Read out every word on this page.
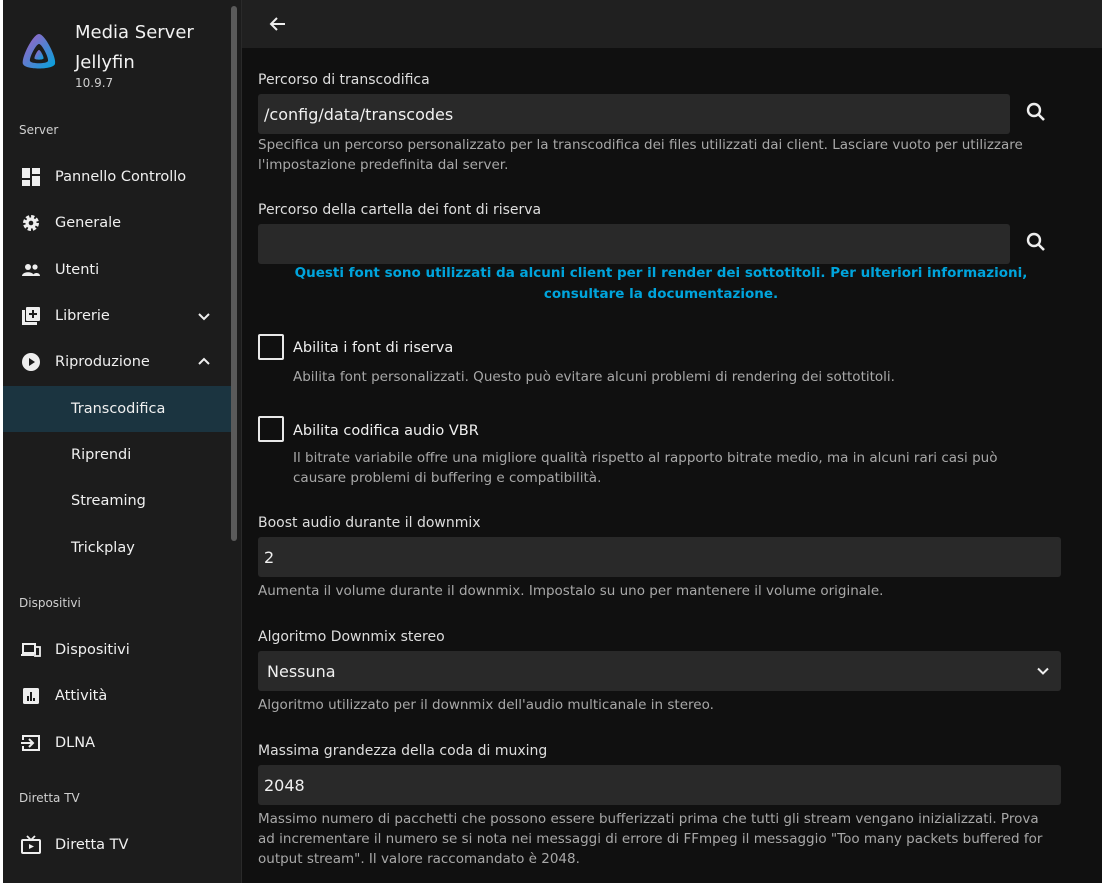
Media Server Jellyfin
10.9.7
Server
Pannello Controllo
Generale
Utenti
Librerie
Riproduzione
Transcodifica
Riprendi
Streaming
Trickplay
Dispositivi
Dispositivi
Attività
DLNA
Diretta TV
Diretta TV
Percorso di transcodifica
/config/data/transcodes
Specifica un percorso personalizzato per la transcodifica dei files utilizzati dai client. Lasciare vuoto per utilizzare l'impostazione predefinita dal server.
Percorso della cartella dei font di riserva
Questi font sono utilizzati da alcuni client per il render dei sottotitoli. Per ulteriori informazioni, consultare la documentazione.
Abilita i font di riserva
Abilita font personalizzati. Questo può evitare alcuni problemi di rendering dei sottotitoli.
Abilita codifica audio VBR
Il bitrate variabile offre una migliore qualità rispetto al rapporto bitrate medio, ma in alcuni rari casi può causare problemi di buffering e compatibilità.
Boost audio durante il downmix
2
Aumenta il volume durante il downmix. Impostalo su uno per mantenere il volume originale.
Algoritmo Downmix stereo
Nessuna
Algoritmo utilizzato per il downmix dell'audio multicanale in stereo.
Massima grandezza della coda di muxing
2048
Massimo numero di pacchetti che possono essere bufferizzati prima che tutti gli stream vengano inizializzati. Prova ad incrementare il numero se si nota nei messaggi di errore di FFmpeg il messaggio "Too many packets buffered for output stream". Il valore raccomandato è 2048.
